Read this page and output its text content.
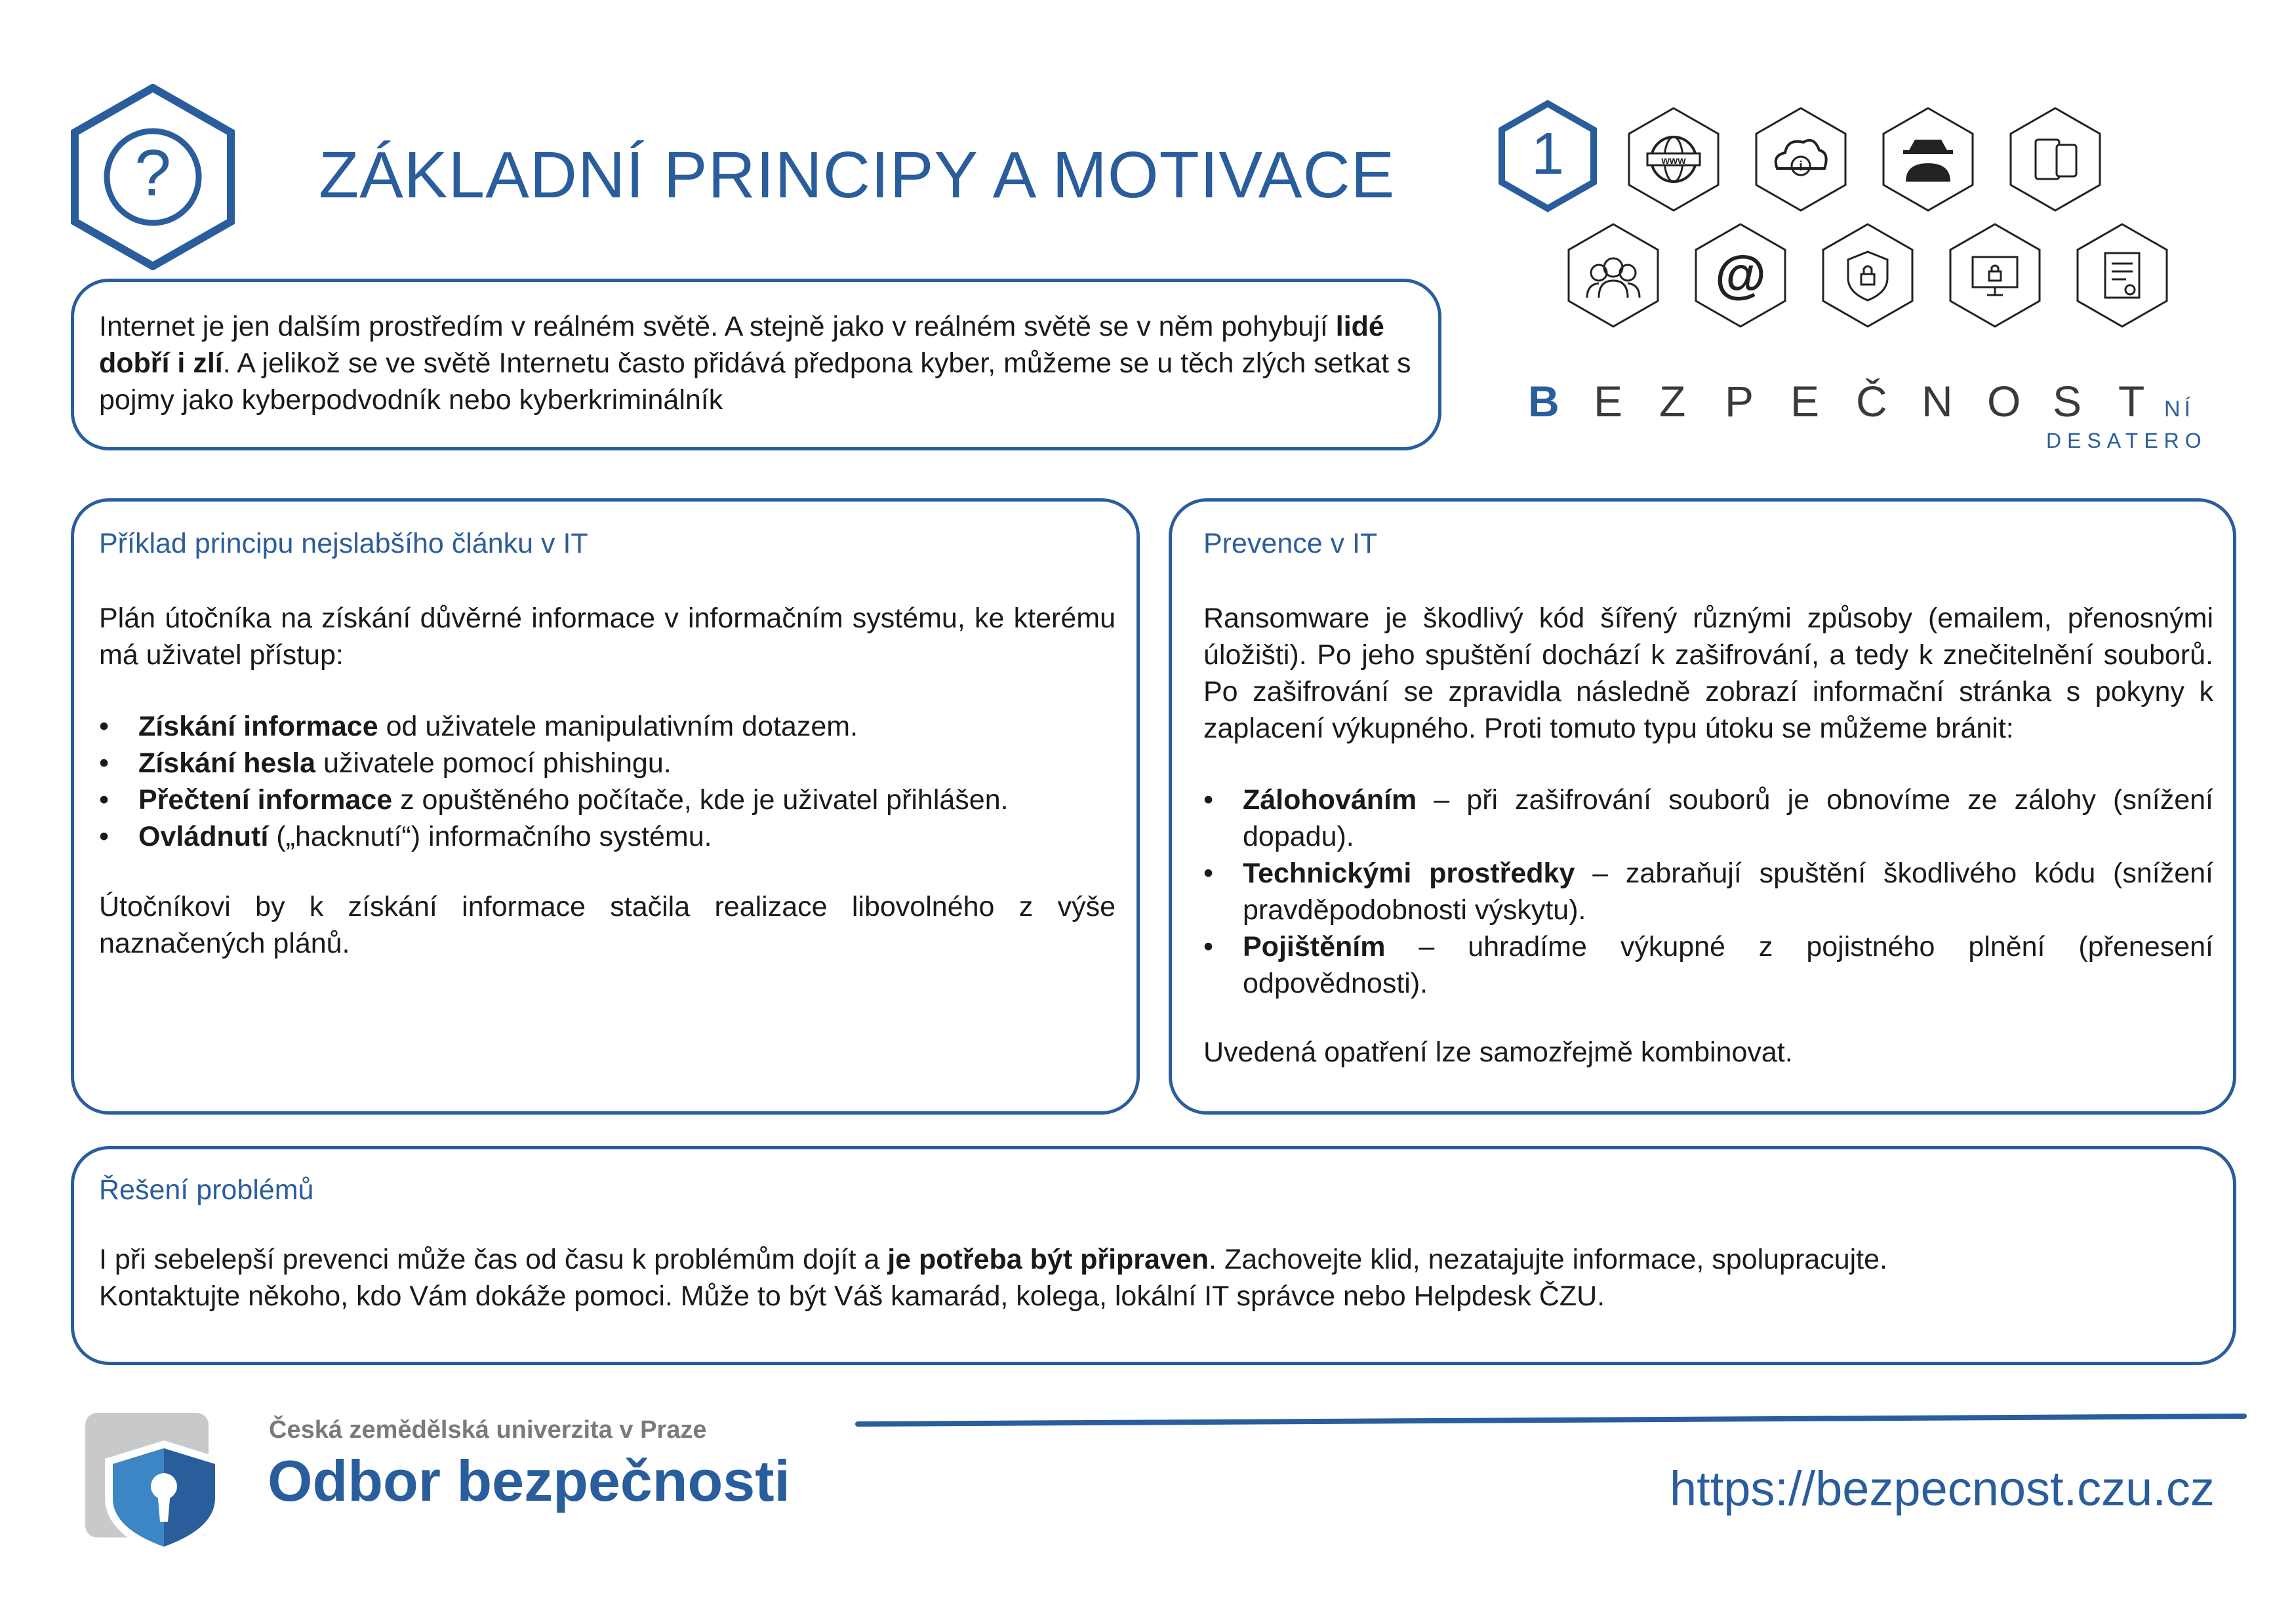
? ZÁKLADNÍ PRINCIPY A MOTIVACE 1	www	i
@
B E Z P E Č N O S T NÍ
DESATERO
Internet je jen dalším prostředím v reálném světě. A stejně jako v reálném světě se v něm pohybují lidé dobří i zlí. A jelikož se ve světě Internetu často přidává předpona kyber, můžeme se u těch zlých setkat s pojmy jako kyberpodvodník nebo kyberkriminálník
Příklad principu nejslabšího článku v IT
Plán útočníka na získání důvěrné informace v informačním systému, ke kterému má uživatel přístup:
• Získání informace od uživatele manipulativním dotazem.
• Získání hesla uživatele pomocí phishingu.
• Přečtení informace z opuštěného počítače, kde je uživatel přihlášen.
• Ovládnutí („hacknutí“) informačního systému.
Útočníkovi by k získání informace stačila realizace libovolného z výše naznačených plánů.
Prevence v IT
Ransomware je škodlivý kód šířený různými způsoby (emailem, přenosnými úložišti). Po jeho spuštění dochází k zašifrování, a tedy k znečitelnění souborů. Po zašifrování se zpravidla následně zobrazí informační stránka s pokyny k zaplacení výkupného. Proti tomuto typu útoku se můžeme bránit:
• Zálohováním – při zašifrování souborů je obnovíme ze zálohy (snížení dopadu).
• Technickými prostředky – zabraňují spuštění škodlivého kódu (snížení pravděpodobnosti výskytu).
• Pojištěním – uhradíme výkupné z pojistného plnění (přenesení odpovědnosti).
Uvedená opatření lze samozřejmě kombinovat.
Řešení problémů
I při sebelepší prevenci může čas od času k problémům dojít a je potřeba být připraven. Zachovejte klid, nezatajujte informace, spolupracujte.
Kontaktujte někoho, kdo Vám dokáže pomoci. Může to být Váš kamarád, kolega, lokální IT správce nebo Helpdesk ČZU.
Česká zemědělská univerzita v Praze
Odbor bezpečnosti	https://bezpecnost.czu.cz
